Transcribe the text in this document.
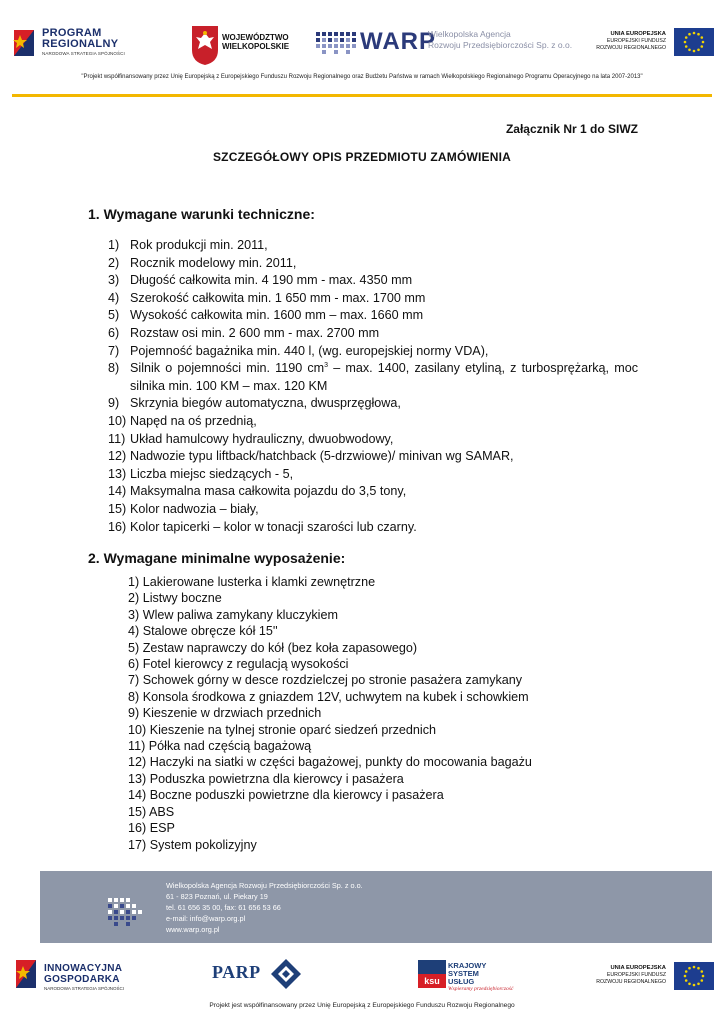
PROGRAM
REGIONALNY
NARODOWA STRATEGIA SPÓJNOŚCI
WOJEWÓDZTWO
WIELKOPOLSKIE	WARP
Wielkopolska Agencja
Rozwoju Przedsiębiorczości Sp. z o.o.
UNIA EUROPEJSKA
EUROPEJSKI FUNDUSZ
ROZWOJU REGIONALNEGO
"Projekt współfinansowany przez Unię Europejską z Europejskiego Funduszu Rozwoju Regionalnego oraz Budżetu Państwa w ramach Wielkopolskiego Regionalnego Programu Operacyjnego na lata 2007-2013"
Załącznik Nr 1 do SIWZ
SZCZEGÓŁOWY OPIS PRZEDMIOTU ZAMÓWIENIA
1. Wymagane warunki techniczne:
1) Rok produkcji min. 2011,
2) Rocznik modelowy min. 2011,
3) Długość całkowita min. 4 190 mm - max. 4350 mm
4) Szerokość całkowita min. 1 650 mm - max. 1700 mm
5) Wysokość całkowita min. 1600 mm – max. 1660 mm
6) Rozstaw osi min. 2 600 mm - max. 2700 mm
7) Pojemność bagażnika min. 440 l, (wg. europejskiej normy VDA),
8) Silnik o pojemności min. 1190 $cm^3$ – max. 1400, zasilany etyliną, z turbosprężarką, moc silnika min. 100 KM – max. 120 KM
9) Skrzynia biegów automatyczna, dwusprzęgłowa,
10) Napęd na oś przednią,
11) Układ hamulcowy hydrauliczny, dwuobwodowy,
12) Nadwozie typu liftback/hatchback (5-drzwiowe)/ minivan wg SAMAR,
13) Liczba miejsc siedzących - 5,
14) Maksymalna masa całkowita pojazdu do 3,5 tony,
15) Kolor nadwozia – biały,
16) Kolor tapicerki – kolor w tonacji szarości lub czarny.
2. Wymagane minimalne wyposażenie:
1) Lakierowane lusterka i klamki zewnętrzne
2) Listwy boczne
3) Wlew paliwa zamykany kluczykiem
4) Stalowe obręcze kół 15''
5) Zestaw naprawczy do kół (bez koła zapasowego)
6) Fotel kierowcy z regulacją wysokości
7) Schowek górny w desce rozdzielczej po stronie pasażera zamykany
8) Konsola środkowa z gniazdem 12V, uchwytem na kubek i schowkiem
9) Kieszenie w drzwiach przednich
10) Kieszenie na tylnej stronie oparć siedzeń przednich
11) Półka nad częścią bagażową
12) Haczyki na siatki w części bagażowej, punkty do mocowania bagażu
13) Poduszka powietrzna dla kierowcy i pasażera
14) Boczne poduszki powietrzne dla kierowcy i pasażera
15) ABS
16) ESP
17) System pokolizyjny
Wielkopolska Agencja Rozwoju Przedsiębiorczości Sp. z o.o.
61 - 823 Poznań, ul. Piekary 19
tel. 61 656 35 00, fax: 61 656 53 66
e-mail: info@warp.org.pl
www.warp.org.pl
INNOWACYJNA
GOSPODARKA
NARODOWA STRATEGIA SPÓJNOŚCI
PARP	ksu
KRAJOWY
SYSTEM
USŁUG
Wspieramy przedsiębiorczość
UNIA EUROPEJSKA
EUROPEJSKI FUNDUSZ
ROZWOJU REGIONALNEGO
Projekt jest współfinansowany przez Unię Europejską z Europejskiego Funduszu Rozwoju Regionalnego
